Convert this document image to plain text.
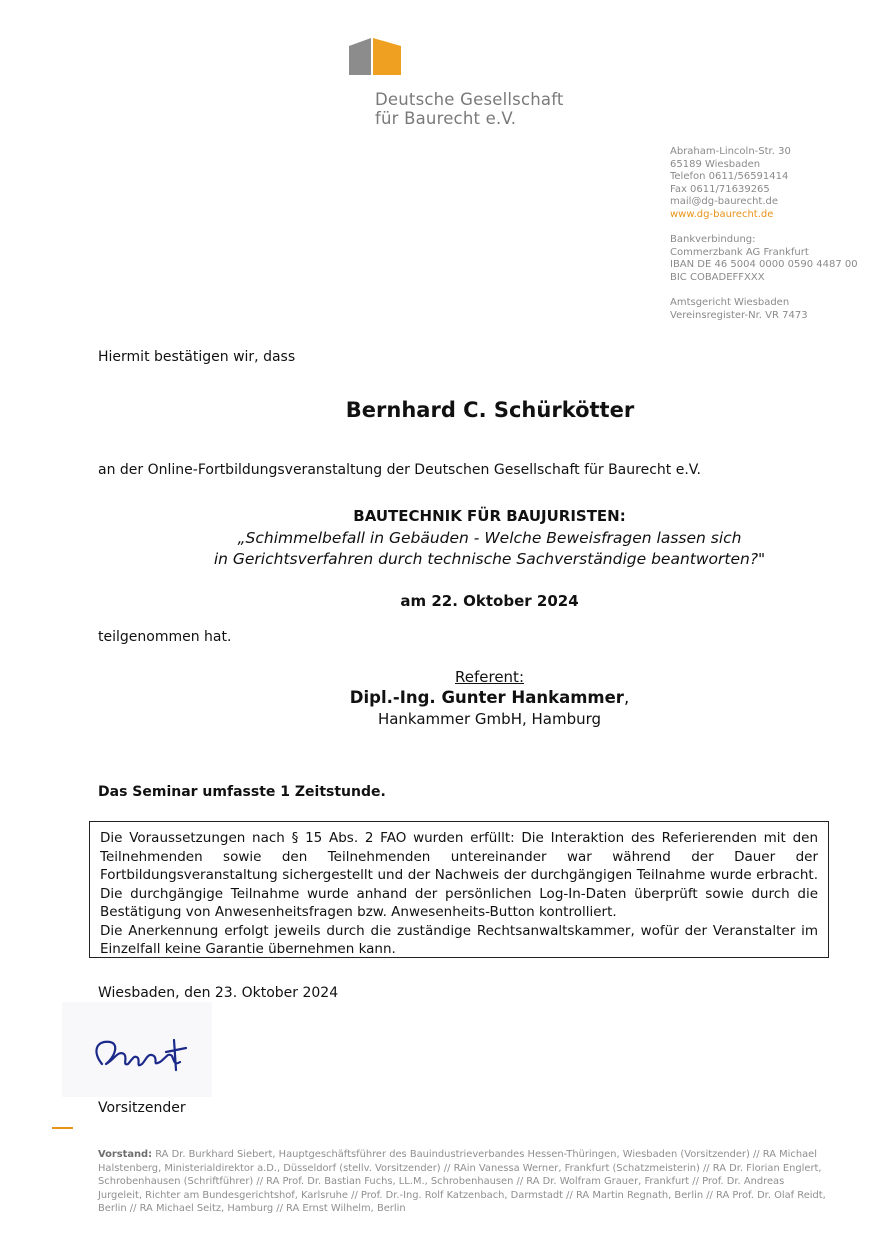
Deutsche Gesellschaft
für Baurecht e.V.
Abraham-Lincoln-Str. 30
65189 Wiesbaden
Telefon 0611/56591414
Fax 0611/71639265
mail@dg-baurecht.de
www.dg-baurecht.de
Bankverbindung:
Commerzbank AG Frankfurt
IBAN DE 46 5004 0000 0590 4487 00
BIC COBADEFFXXX
Amtsgericht Wiesbaden
Vereinsregister-Nr. VR 7473
Hiermit bestätigen wir, dass
Bernhard C. Schürkötter
an der Online-Fortbildungsveranstaltung der Deutschen Gesellschaft für Baurecht e.V.
BAUTECHNIK FÜR BAUJURISTEN:
„Schimmelbefall in Gebäuden - Welche Beweisfragen lassen sich
in Gerichtsverfahren durch technische Sachverständige beantworten?"
am 22. Oktober 2024
teilgenommen hat.
Referent:
Dipl.-Ing. Gunter Hankammer,
Hankammer GmbH, Hamburg
Das Seminar umfasste 1 Zeitstunde.
Die Voraussetzungen nach § 15 Abs. 2 FAO wurden erfüllt: Die Interaktion des Referierenden mit den Teilnehmenden sowie den Teilnehmenden untereinander war während der Dauer der Fortbildungsveranstaltung sichergestellt und der Nachweis der durchgängigen Teilnahme wurde erbracht. Die durchgängige Teilnahme wurde anhand der persönlichen Log-In-Daten überprüft sowie durch die Bestätigung von Anwesenheitsfragen bzw. Anwesenheits-Button kontrolliert.
Die Anerkennung erfolgt jeweils durch die zuständige Rechtsanwaltskammer, wofür der Veranstalter im Einzelfall keine Garantie übernehmen kann.
Wiesbaden, den 23. Oktober 2024
Vorsitzender
Vorstand: RA Dr. Burkhard Siebert, Hauptgeschäftsführer des Bauindustrieverbandes Hessen-Thüringen, Wiesbaden (Vorsitzender) // RA Michael Halstenberg, Ministerialdirektor a.D., Düsseldorf (stellv. Vorsitzender) // RAin Vanessa Werner, Frankfurt (Schatzmeisterin) // RA Dr. Florian Englert, Schrobenhausen (Schriftführer) // RA Prof. Dr. Bastian Fuchs, LL.M., Schrobenhausen // RA Dr. Wolfram Grauer, Frankfurt // Prof. Dr. Andreas Jurgeleit, Richter am Bundesgerichtshof, Karlsruhe // Prof. Dr.-Ing. Rolf Katzenbach, Darmstadt // RA Martin Regnath, Berlin // RA Prof. Dr. Olaf Reidt, Berlin // RA Michael Seitz, Hamburg // RA Ernst Wilhelm, Berlin
